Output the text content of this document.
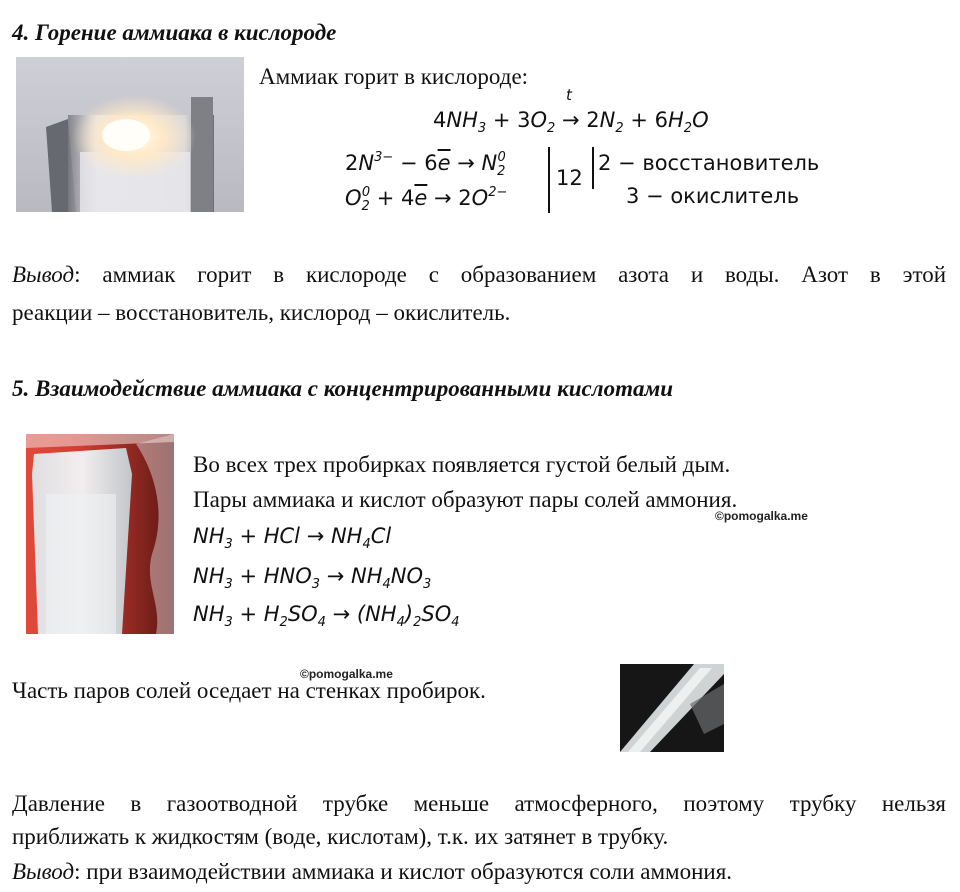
4. Горение аммиака в кислороде
Аммиак горит в кислороде:
$4NH_3 + 3O_2$ →
t
$2N_2 + 6H_2O$
$2N^{3-} - 6\overline{e} \to N_2^0$
$O_2^0 + 4\overline{e} \to 2O^{2-}$
12
2 − восстановитель
3 − окислитель
Вывод: аммиак горит в кислороде с образованием азота и воды. Азот в этой
реакции – восстановитель, кислород – окислитель.
5. Взаимодействие аммиака с концентрированными кислотами
Во всех трех пробирках появляется густой белый дым.
Пары аммиака и кислот образуют пары солей аммония.
©pomogalka.me
$NH_3$ + HCl → $NH_4Cl$
$NH_3 + HNO_3 \to NH_4NO_3$
$NH_3 + H_2SO_4 \to (NH_4)_2SO_4$
©pomogalka.me
Часть паров солей оседает на стенках пробирок.
Давление в газоотводной трубке меньше атмосферного, поэтому трубку нельзя
приближать к жидкостям (воде, кислотам), т.к. их затянет в трубку.
Вывод: при взаимодействии аммиака и кислот образуются соли аммония.
